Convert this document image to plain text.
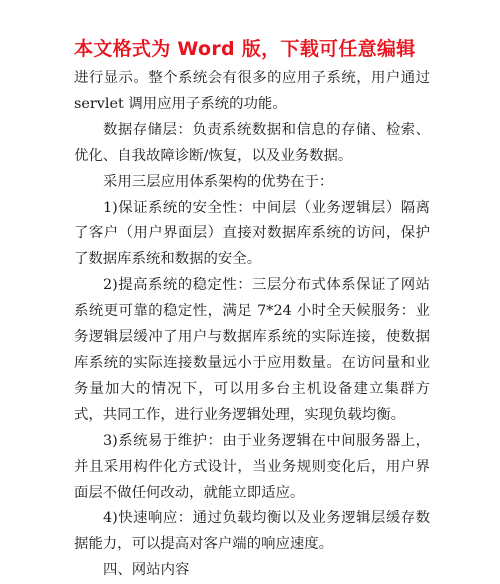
本文格式为 Word 版，下载可任意编辑

进行显示。整个系统会有很多的应用子系统，用户通过 servlet 调用应用子系统的功能。

数据存储层：负责系统数据和信息的存储、检索、优化、自我故障诊断/恢复，以及业务数据。

采用三层应用体系架构的优势在于：

1)保证系统的安全性：中间层（业务逻辑层）隔离了客户（用户界面层）直接对数据库系统的访问，保护了数据库系统和数据的安全。

2)提高系统的稳定性：三层分布式体系保证了网站系统更可靠的稳定性，满足 7*24 小时全天候服务：业务逻辑层缓冲了用户与数据库系统的实际连接，使数据库系统的实际连接数量远小于应用数量。在访问量和业务量加大的情况下，可以用多台主机设备建立集群方式，共同工作，进行业务逻辑处理，实现负载均衡。

3)系统易于维护：由于业务逻辑在中间服务器上，并且采用构件化方式设计，当业务规则变化后，用户界面层不做任何改动，就能立即适应。

4)快速响应：通过负载均衡以及业务逻辑层缓存数据能力，可以提高对客户端的响应速度。

四、网站内容
